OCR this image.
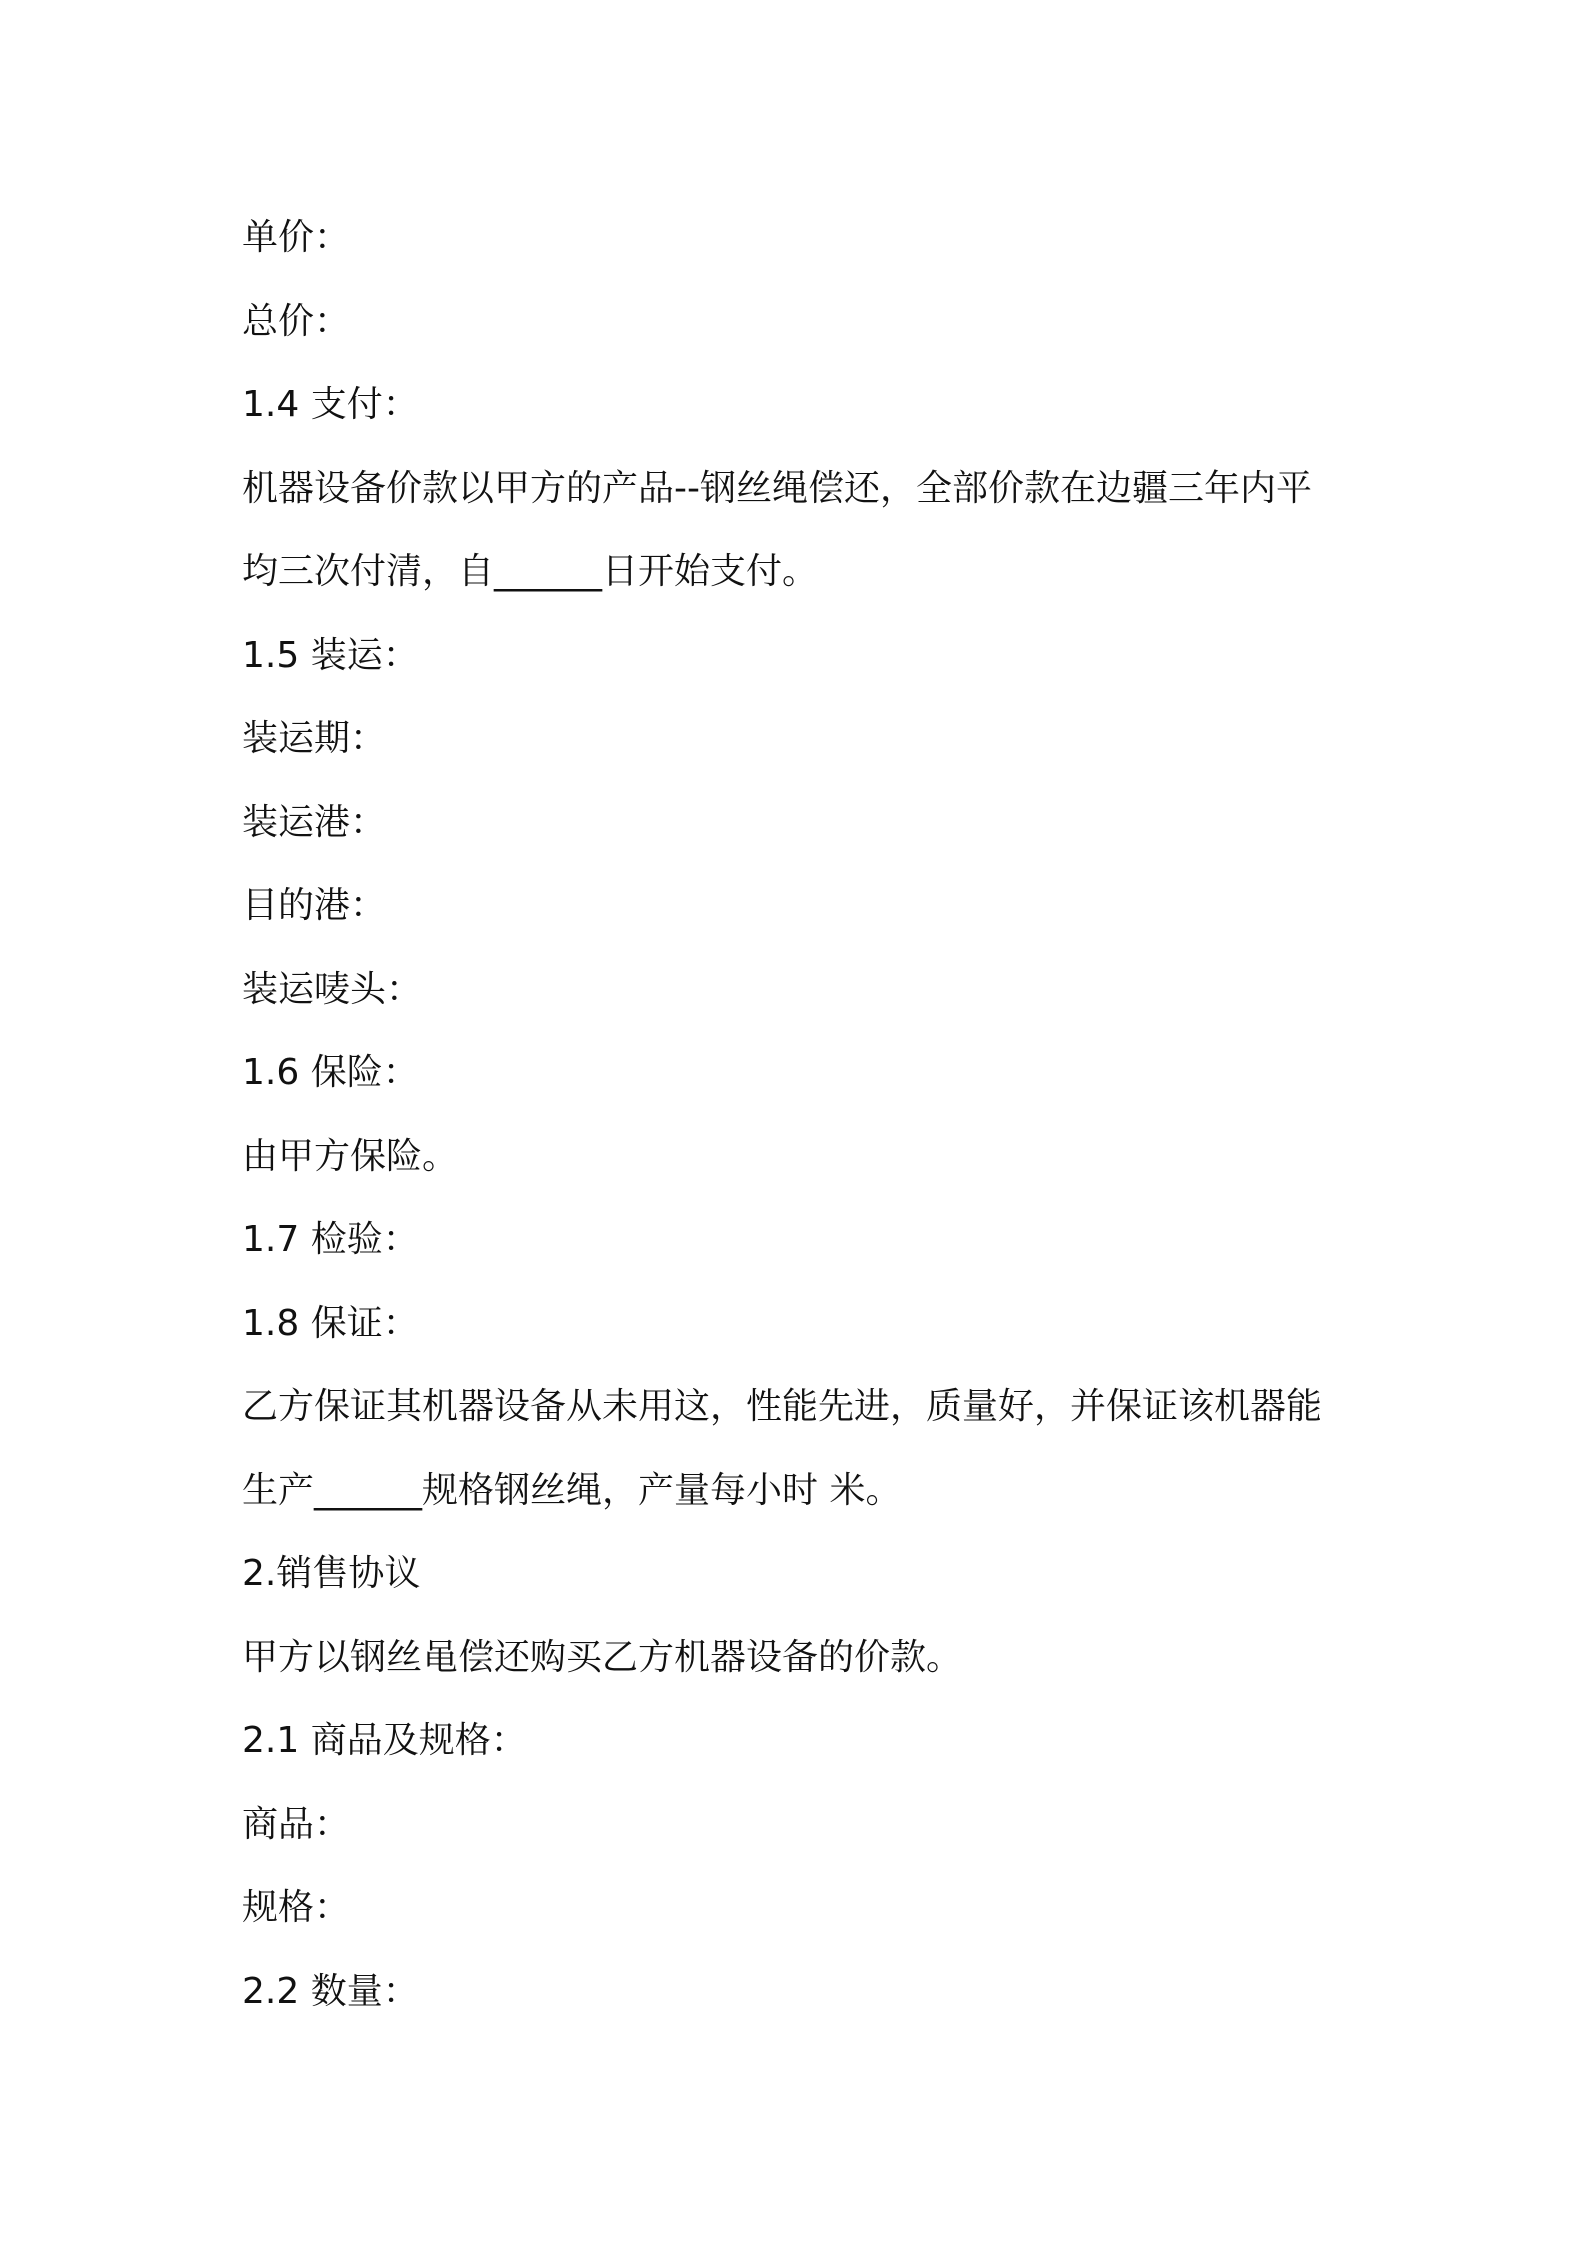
单价：
总价：
1.4 支付：
机器设备价款以甲方的产品--钢丝绳偿还，全部价款在边疆三年内平
均三次付清，自______日开始支付。
1.5 装运：
装运期：
装运港：
目的港：
装运唛头：
1.6 保险：
由甲方保险。
1.7 检验：
1.8 保证：
乙方保证其机器设备从未用这，性能先进，质量好，并保证该机器能
生产______规格钢丝绳，产量每小时 米。
2.销售协议
甲方以钢丝黾偿还购买乙方机器设备的价款。
2.1 商品及规格：
商品：
规格：
2.2 数量：
